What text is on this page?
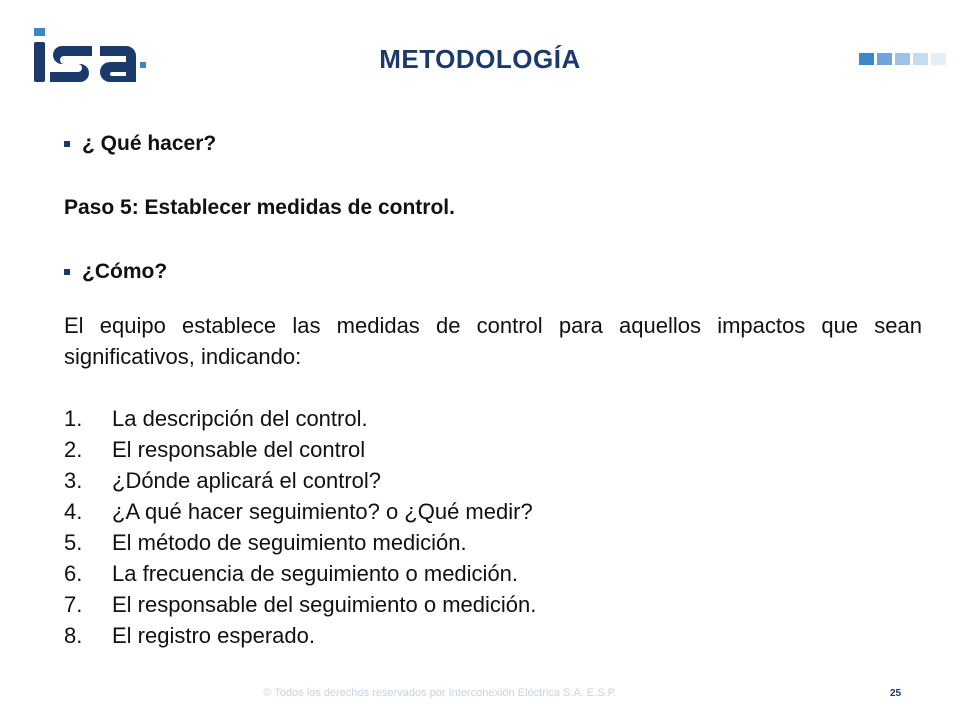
METODOLOGÍA
¿ Qué hacer?
Paso 5: Establecer medidas de control.
¿Cómo?
El equipo establece las medidas de control para aquellos impactos que sean significativos, indicando:
1.	La descripción del control.
2.	El responsable del control
3.	¿Dónde aplicará el control?
4.	¿A qué hacer seguimiento? o ¿Qué medir?
5.	El método de seguimiento medición.
6.	La frecuencia de seguimiento o medición.
7.	El responsable del seguimiento o medición.
8.	El registro esperado.
© Todos los derechos reservados por Interconexión Eléctrica S.A. E.S.P.	25
